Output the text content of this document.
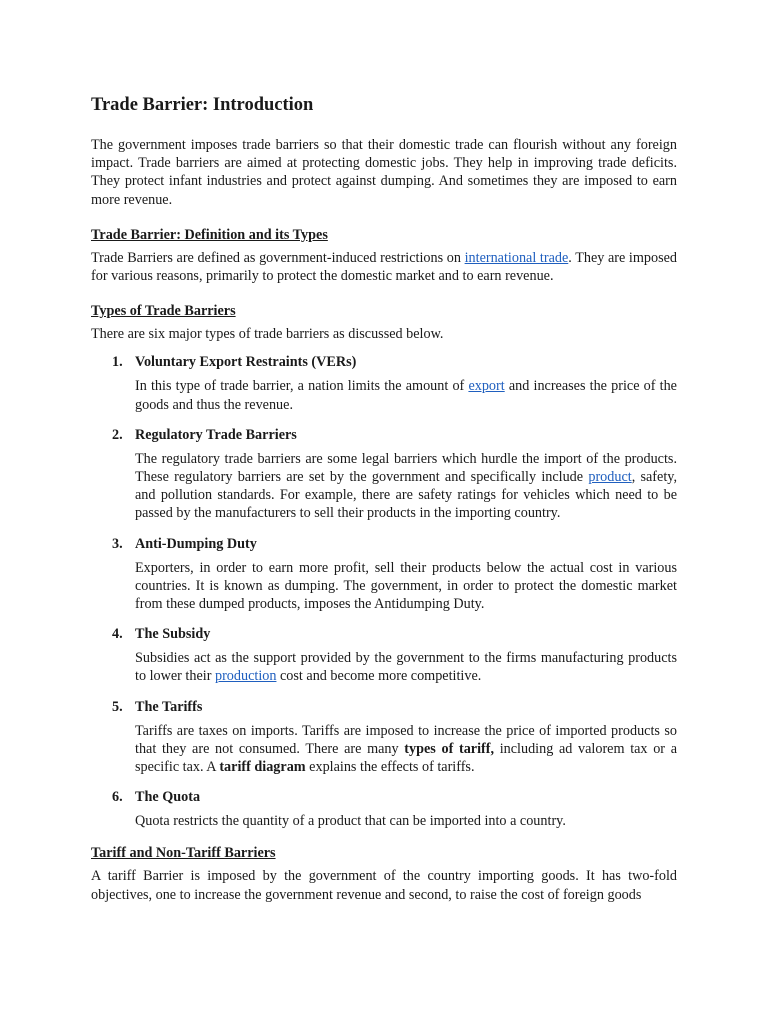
Trade Barrier: Introduction

The government imposes trade barriers so that their domestic trade can flourish without any foreign impact. Trade barriers are aimed at protecting domestic jobs. They help in improving trade deficits. They protect infant industries and protect against dumping. And sometimes they are imposed to earn more revenue.

Trade Barrier: Definition and its Types

Trade Barriers are defined as government-induced restrictions on international trade. They are imposed for various reasons, primarily to protect the domestic market and to earn revenue.

Types of Trade Barriers

There are six major types of trade barriers as discussed below.

1. Voluntary Export Restraints (VERs)

In this type of trade barrier, a nation limits the amount of export and increases the price of the goods and thus the revenue.

2. Regulatory Trade Barriers

The regulatory trade barriers are some legal barriers which hurdle the import of the products. These regulatory barriers are set by the government and specifically include product, safety, and pollution standards. For example, there are safety ratings for vehicles which need to be passed by the manufacturers to sell their products in the importing country.

3. Anti-Dumping Duty

Exporters, in order to earn more profit, sell their products below the actual cost in various countries. It is known as dumping. The government, in order to protect the domestic market from these dumped products, imposes the Antidumping Duty.

4. The Subsidy

Subsidies act as the support provided by the government to the firms manufacturing products to lower their production cost and become more competitive.

5. The Tariffs

Tariffs are taxes on imports. Tariffs are imposed to increase the price of imported products so that they are not consumed. There are many types of tariff, including ad valorem tax or a specific tax. A tariff diagram explains the effects of tariffs.

6. The Quota

Quota restricts the quantity of a product that can be imported into a country.

Tariff and Non-Tariff Barriers

A tariff Barrier is imposed by the government of the country importing goods. It has two-fold objectives, one to increase the government revenue and second, to raise the cost of foreign goods
